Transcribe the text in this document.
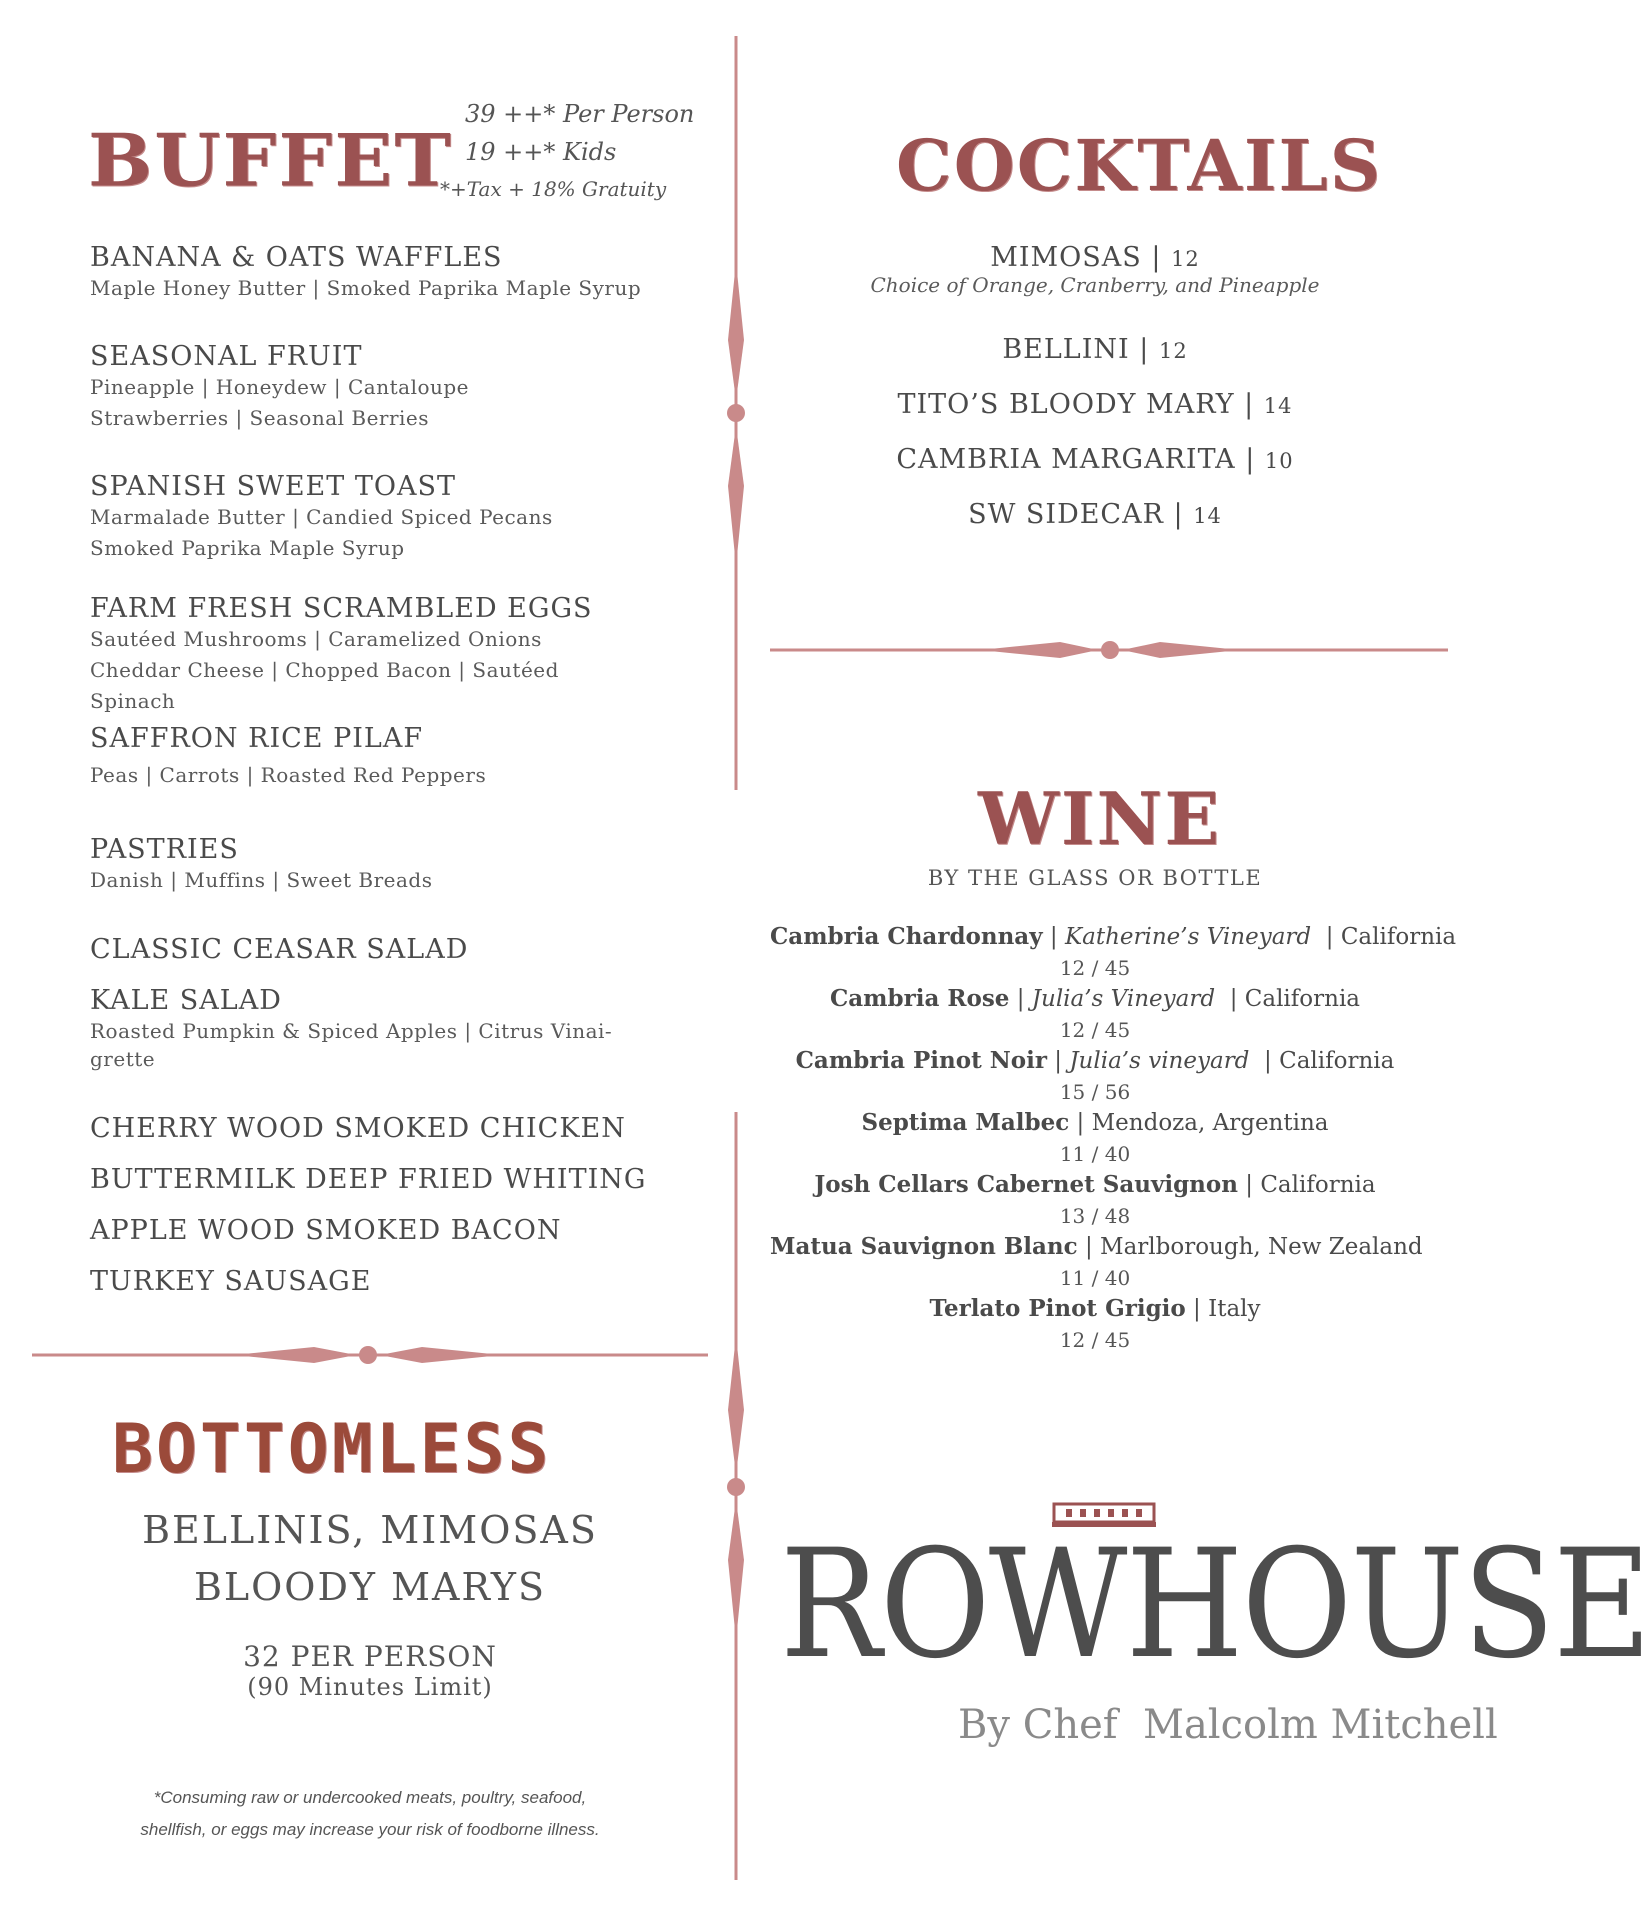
BUFFET
39 ++* Per Person
19 ++* Kids
*+Tax + 18% Gratuity
BANANA & OATS WAFFLES
Maple Honey Butter | Smoked Paprika Maple Syrup
SEASONAL FRUIT
Pineapple | Honeydew | Cantaloupe
Strawberries | Seasonal Berries
SPANISH SWEET TOAST
Marmalade Butter | Candied Spiced Pecans
Smoked Paprika Maple Syrup
FARM FRESH SCRAMBLED EGGS
Sautéed Mushrooms | Caramelized Onions
Cheddar Cheese | Chopped Bacon | Sautéed Spinach
SAFFRON RICE PILAF
Peas | Carrots | Roasted Red Peppers
PASTRIES
Danish | Muffins | Sweet Breads
CLASSIC CEASAR SALAD
KALE SALAD
Roasted Pumpkin & Spiced Apples | Citrus Vinai-
grette
CHERRY WOOD SMOKED CHICKEN
BUTTERMILK DEEP FRIED WHITING
APPLE WOOD SMOKED BACON
TURKEY SAUSAGE
COCKTAILS
MIMOSAS | 12
Choice of Orange, Cranberry, and Pineapple
BELLINI | 12
TITO’S BLOODY MARY | 14
CAMBRIA MARGARITA | 10
SW SIDECAR | 14
WINE
BY THE GLASS OR BOTTLE
Cambria Chardonnay | Katherine’s Vineyard  | California
12 / 45
Cambria Rose | Julia’s Vineyard  | California
12 / 45
Cambria Pinot Noir | Julia’s vineyard  | California
15 / 56
Septima Malbec | Mendoza, Argentina
11 / 40
Josh Cellars Cabernet Sauvignon | California
13 / 48
Matua Sauvignon Blanc | Marlborough, New Zealand
11 / 40
Terlato Pinot Grigio | Italy
12 / 45
BOTTOMLESS
BELLINIS, MIMOSAS
BLOODY MARYS
32 PER PERSON
(90 Minutes Limit)
*Consuming raw or undercooked meats, poultry, seafood,
shellfish, or eggs may increase your risk of foodborne illness.
ROWHOUSE
By Chef Malcolm Mitchell
